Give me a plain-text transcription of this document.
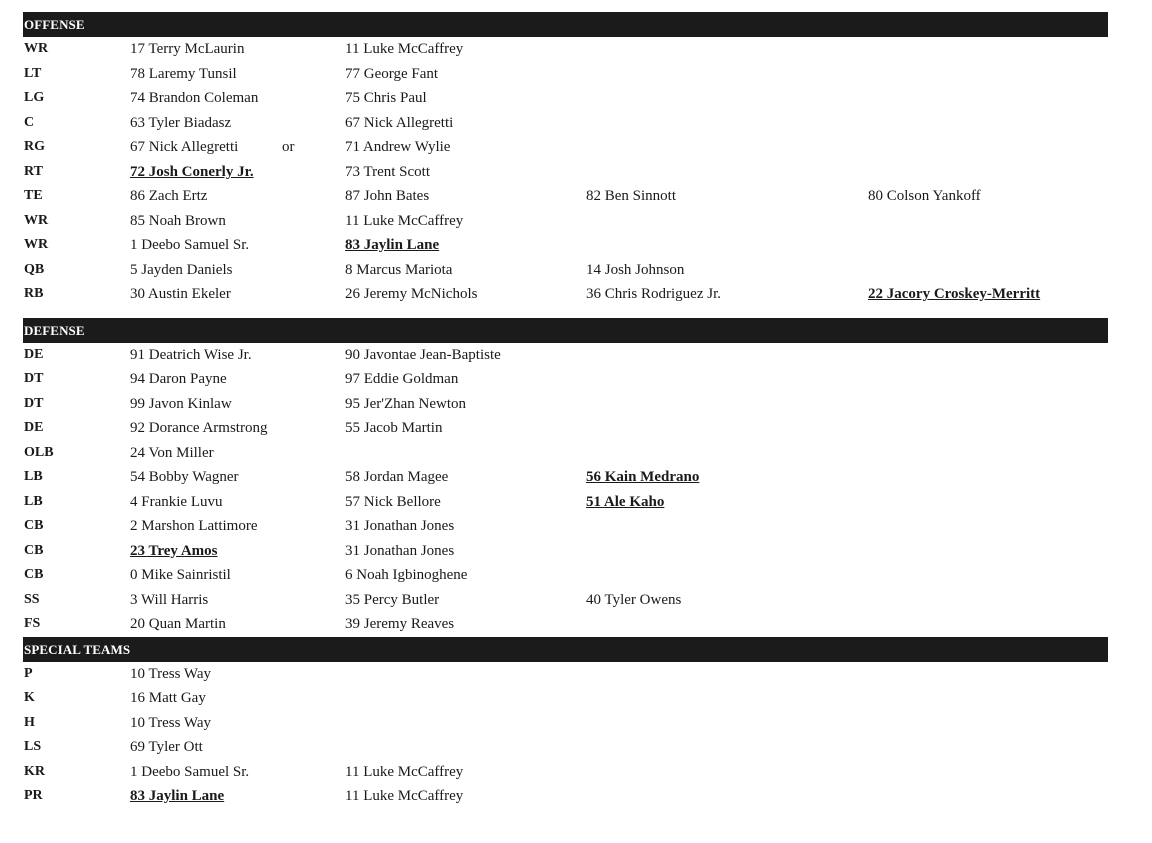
OFFENSE
WR	17 Terry McLaurin	11 Luke McCaffrey
LT	78 Laremy Tunsil	77 George Fant
LG	74 Brandon Coleman	75 Chris Paul
C	63 Tyler Biadasz	67 Nick Allegretti
RG	67 Nick Allegretti	or	71 Andrew Wylie
RT	72 Josh Conerly Jr.	73 Trent Scott
TE	86 Zach Ertz	87 John Bates	82 Ben Sinnott	80 Colson Yankoff
WR	85 Noah Brown	11 Luke McCaffrey
WR	1 Deebo Samuel Sr.	83 Jaylin Lane
QB	5 Jayden Daniels	8 Marcus Mariota	14 Josh Johnson
RB	30 Austin Ekeler	26 Jeremy McNichols	36 Chris Rodriguez Jr.	22 Jacory Croskey-Merritt
DEFENSE
DE	91 Deatrich Wise Jr.	90 Javontae Jean-Baptiste
DT	94 Daron Payne	97 Eddie Goldman
DT	99 Javon Kinlaw	95 Jer'Zhan Newton
DE	92 Dorance Armstrong	55 Jacob Martin
OLB	24 Von Miller
LB	54 Bobby Wagner	58 Jordan Magee	56 Kain Medrano
LB	4 Frankie Luvu	57 Nick Bellore	51 Ale Kaho
CB	2 Marshon Lattimore	31 Jonathan Jones
CB	23 Trey Amos	31 Jonathan Jones
CB	0 Mike Sainristil	6 Noah Igbinoghene
SS	3 Will Harris	35 Percy Butler	40 Tyler Owens
FS	20 Quan Martin	39 Jeremy Reaves
SPECIAL TEAMS
P	10 Tress Way
K	16 Matt Gay
H	10 Tress Way
LS	69 Tyler Ott
KR	1 Deebo Samuel Sr.	11 Luke McCaffrey
PR	83 Jaylin Lane	11 Luke McCaffrey
